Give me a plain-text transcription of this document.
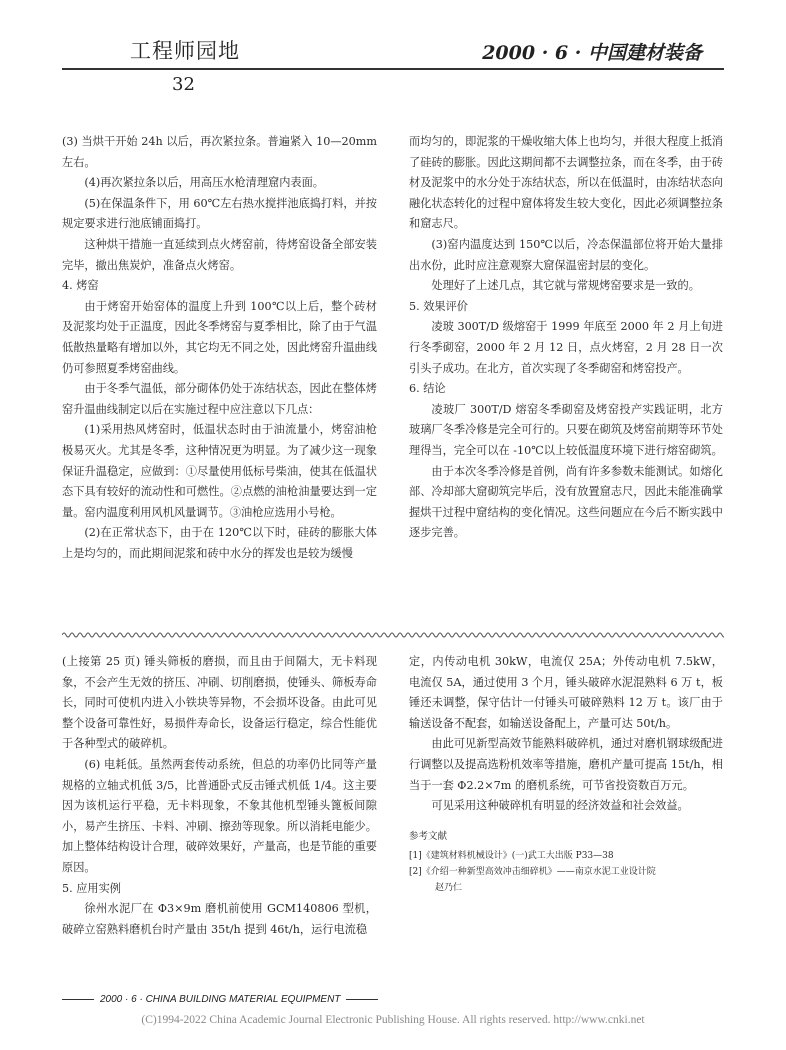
工程师园地	2000 · 6 · 中国建材装备
32

(3) 当烘干开始 24h 以后，再次紧拉条。普遍紧入 10—20mm 左右。

(4)再次紧拉条以后，用高压水枪清理窟内表面。

(5)在保温条件下，用 60℃左右热水搅拌池底捣打料，并按规定要求进行池底铺面捣打。

这种烘干措施一直延续到点火烤窑前，待烤窑设备全部安装完毕，撤出焦炭炉，准备点火烤窑。

4. 烤窑

由于烤窑开始窑体的温度上升到 100℃以上后，整个砖材及泥浆均处于正温度，因此冬季烤窑与夏季相比，除了由于气温低散热量略有增加以外，其它均无不同之处，因此烤窑升温曲线仍可参照夏季烤窑曲线。

由于冬季气温低，部分砌体仍处于冻结状态，因此在整体烤窑升温曲线制定以后在实施过程中应注意以下几点：

(1)采用热风烤窑时，低温状态时由于油流量小，烤窑油枪极易灭火。尤其是冬季，这种情况更为明显。为了减少这一现象保证升温稳定，应做到：①尽量使用低标号柴油，使其在低温状态下具有较好的流动性和可燃性。②点燃的油枪油量要达到一定量。窑内温度利用风机风量调节。③油枪应选用小号枪。

(2)在正常状态下，由于在 120℃以下时，硅砖的膨胀大体上是均匀的，而此期间泥浆和砖中水分的挥发也是较为缓慢

而均匀的，即泥浆的干燥收缩大体上也均匀，并很大程度上抵消了硅砖的膨胀。因此这期间都不去调整拉条，而在冬季，由于砖材及泥浆中的水分处于冻结状态，所以在低温时，由冻结状态向融化状态转化的过程中窟体将发生较大变化，因此必须调整拉条和窟志尺。

(3)窑内温度达到 150℃以后，冷态保温部位将开始大量排出水份，此时应注意观察大窟保温密封层的变化。

处理好了上述几点，其它就与常规烤窑要求是一致的。

5. 效果评价

凌玻 300T/D 级熔窑于 1999 年底至 2000 年 2 月上旬进行冬季砌窑，2000 年 2 月 12 日，点火烤窑，2 月 28 日一次引头子成功。在北方，首次实现了冬季砌窑和烤窑投产。

6. 结论

凌玻厂 300T/D 熔窑冬季砌窑及烤窑投产实践证明，北方玻璃厂冬季冷修是完全可行的。只要在砌筑及烤窑前期等环节处理得当，完全可以在 -10℃以上较低温度环境下进行熔窑砌筑。

由于本次冬季冷修是首例，尚有许多参数未能测试。如熔化部、冷却部大窟砌筑完毕后，没有放置窟志尺，因此未能准确掌握烘干过程中窟结构的变化情况。这些问题应在今后不断实践中逐步完善。

(上接第 25 页) 锤头筛板的磨损，而且由于间隔大，无卡料现象，不会产生无效的挤压、冲刷、切削磨损，使锤头、筛板寿命长，同时可使机内进入小铁块等异物，不会损坏设备。由此可见整个设备可靠性好，易损件寿命长，设备运行稳定，综合性能优于各种型式的破碎机。

(6) 电耗低。虽然两套传动系统，但总的功率仍比同等产量规格的立轴式机低 3/5，比普通卧式反击锤式机低 1/4。这主要因为该机运行平稳，无卡料现象，不象其他机型锤头篦板间隙小，易产生挤压、卡料、冲刷、擦劲等现象。所以消耗电能少。加上整体结构设计合理，破碎效果好，产量高，也是节能的重要原因。

5. 应用实例

徐州水泥厂在 Φ3×9m 磨机前使用 GCM140806 型机，破碎立窑熟料磨机台时产量由 35t/h 提到 46t/h，运行电流稳

定，内传动电机 30kW，电流仅 25A；外传动电机 7.5kW，电流仅 5A，通过使用 3 个月，锤头破碎水泥混熟料 6 万 t，板锤还未调整，保守估计一付锤头可破碎熟料 12 万 t。该厂由于输送设备不配套，如输送设备配上，产量可达 50t/h。

由此可见新型高效节能熟料破碎机，通过对磨机钢球级配进行调整以及提高选粉机效率等措施，磨机产量可提高 15t/h，相当于一套 Φ2.2×7m 的磨机系统，可节省投资数百万元。

可见采用这种破碎机有明显的经济效益和社会效益。

参考文献
[1]《建筑材料机械设计》(一)武工大出版 P33—38
[2]《介绍一种新型高效冲击细碎机》——南京水泥工业设计院
赵乃仁
2000 · 6 · CHINA BUILDING MATERIAL EQUIPMENT
(C)1994-2022 China Academic Journal Electronic Publishing House. All rights reserved. http://www.cnki.net
